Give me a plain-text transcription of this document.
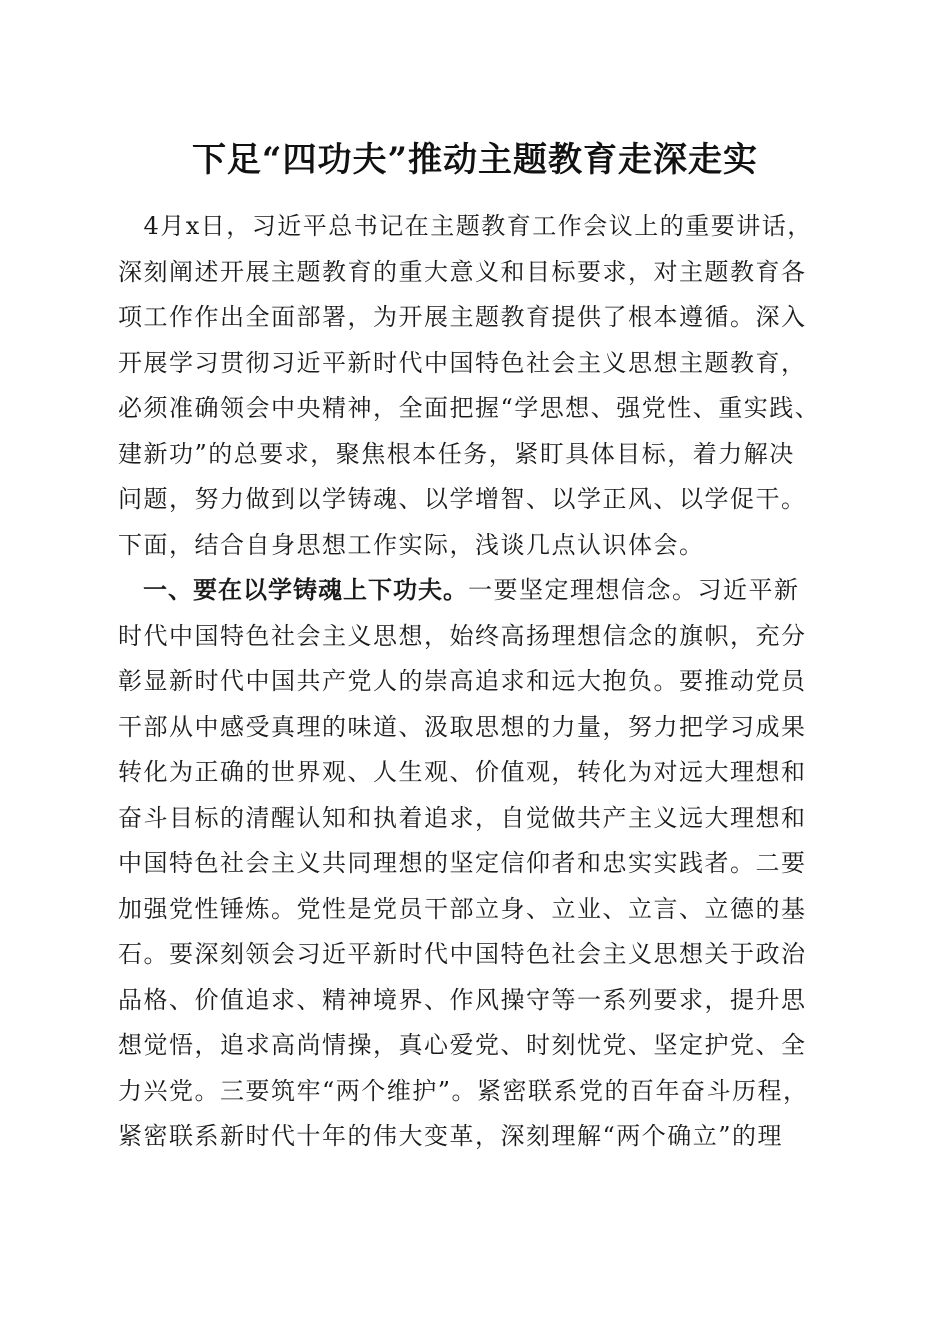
下足“四功夫”推动主题教育走深走实
　4月x日，习近平总书记在主题教育工作会议上的重要讲话，
深刻阐述开展主题教育的重大意义和目标要求，对主题教育各
项工作作出全面部署，为开展主题教育提供了根本遵循。深入
开展学习贯彻习近平新时代中国特色社会主义思想主题教育，
必须准确领会中央精神，全面把握“学思想、强党性、重实践、
建新功”的总要求，聚焦根本任务，紧盯具体目标，着力解决
问题，努力做到以学铸魂、以学增智、以学正风、以学促干。
下面，结合自身思想工作实际，浅谈几点认识体会。
　一、要在以学铸魂上下功夫。一要坚定理想信念。习近平新
时代中国特色社会主义思想，始终高扬理想信念的旗帜，充分
彰显新时代中国共产党人的崇高追求和远大抱负。要推动党员
干部从中感受真理的味道、汲取思想的力量，努力把学习成果
转化为正确的世界观、人生观、价值观，转化为对远大理想和
奋斗目标的清醒认知和执着追求，自觉做共产主义远大理想和
中国特色社会主义共同理想的坚定信仰者和忠实实践者。二要
加强党性锤炼。党性是党员干部立身、立业、立言、立德的基
石。要深刻领会习近平新时代中国特色社会主义思想关于政治
品格、价值追求、精神境界、作风操守等一系列要求，提升思
想觉悟，追求高尚情操，真心爱党、时刻忧党、坚定护党、全
力兴党。三要筑牢“两个维护”。紧密联系党的百年奋斗历程，
紧密联系新时代十年的伟大变革，深刻理解“两个确立”的理
